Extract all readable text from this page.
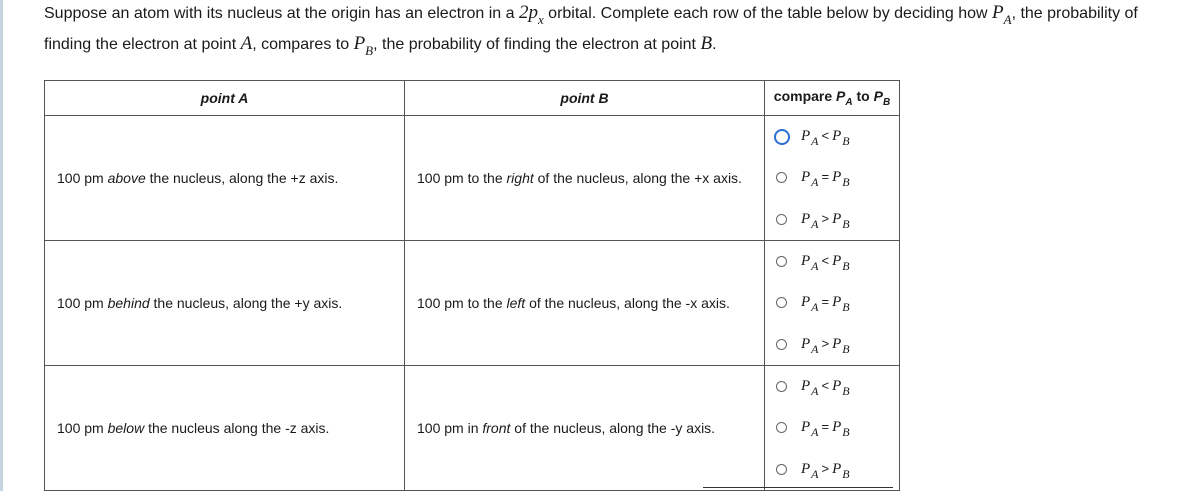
Suppose an atom with its nucleus at the origin has an electron in a $2p_x$ orbital. Complete each row of the table below by deciding how $P_A$, the probability of
finding the electron at point A, compares to $P_B$, the probability of finding the electron at point B.
point A	point B	compare $P_A$ to $P_B$
100 pm above the nucleus, along the +z axis.	100 pm to the right of the nucleus, along the +x axis.	$P_A < P_B$
$P_A = P_B$
$P_A > P_B$

100 pm behind the nucleus, along the +y axis.	100 pm to the left of the nucleus, along the -x axis.	$P_A < P_B$
$P_A = P_B$
$P_A > P_B$

100 pm below the nucleus along the -z axis.	100 pm in front of the nucleus, along the -y axis.	$P_A < P_B$
$P_A = P_B$
$P_A > P_B$
